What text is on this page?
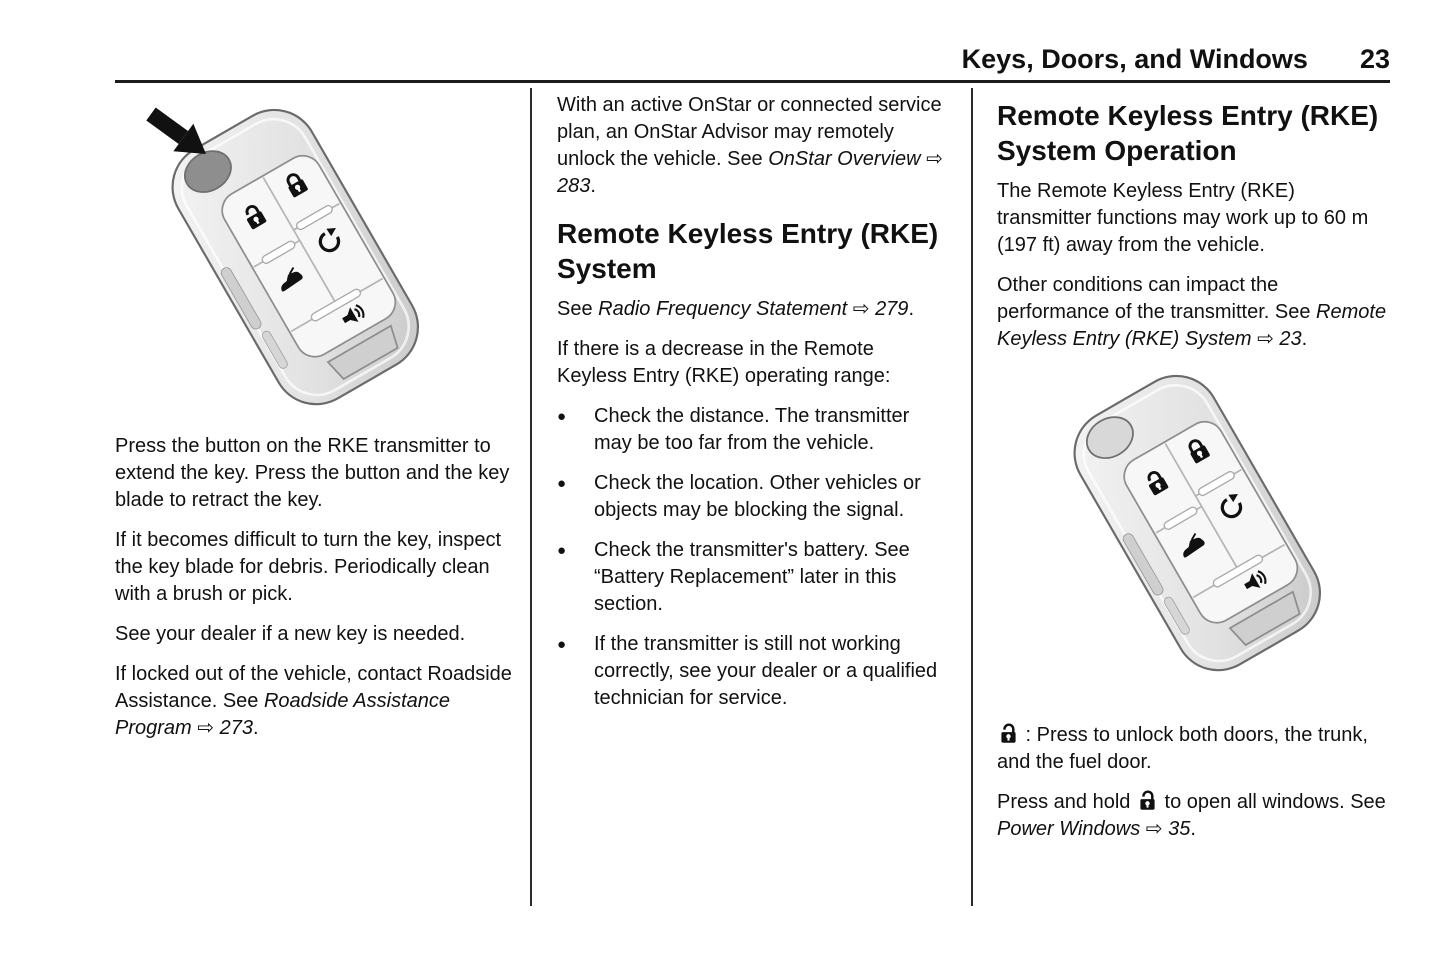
Keys, Doors, and Windows 23

Press the button on the RKE transmitter to extend the key. Press the button and the key blade to retract the key.

If it becomes difficult to turn the key, inspect the key blade for debris. Periodically clean with a brush or pick.

See your dealer if a new key is needed.

If locked out of the vehicle, contact Roadside Assistance. See Roadside Assistance Program ⇨ 273.

With an active OnStar or connected service plan, an OnStar Advisor may remotely unlock the vehicle. See OnStar Overview ⇨ 283.

Remote Keyless Entry (RKE) System

See Radio Frequency Statement ⇨ 279.

If there is a decrease in the Remote Keyless Entry (RKE) operating range:

●	Check the distance. The transmitter may be too far from the vehicle.
●	Check the location. Other vehicles or objects may be blocking the signal.
●	Check the transmitter's battery. See “Battery Replacement” later in this section.
●	If the transmitter is still not working correctly, see your dealer or a qualified technician for service.
Remote Keyless Entry (RKE) System Operation

The Remote Keyless Entry (RKE) transmitter functions may work up to 60 m (197 ft) away from the vehicle.

Other conditions can impact the performance of the transmitter. See Remote Keyless Entry (RKE) System ⇨ 23.

: Press to unlock both doors, the trunk, and the fuel door.

Press and hold  to open all windows. See Power Windows ⇨ 35.
